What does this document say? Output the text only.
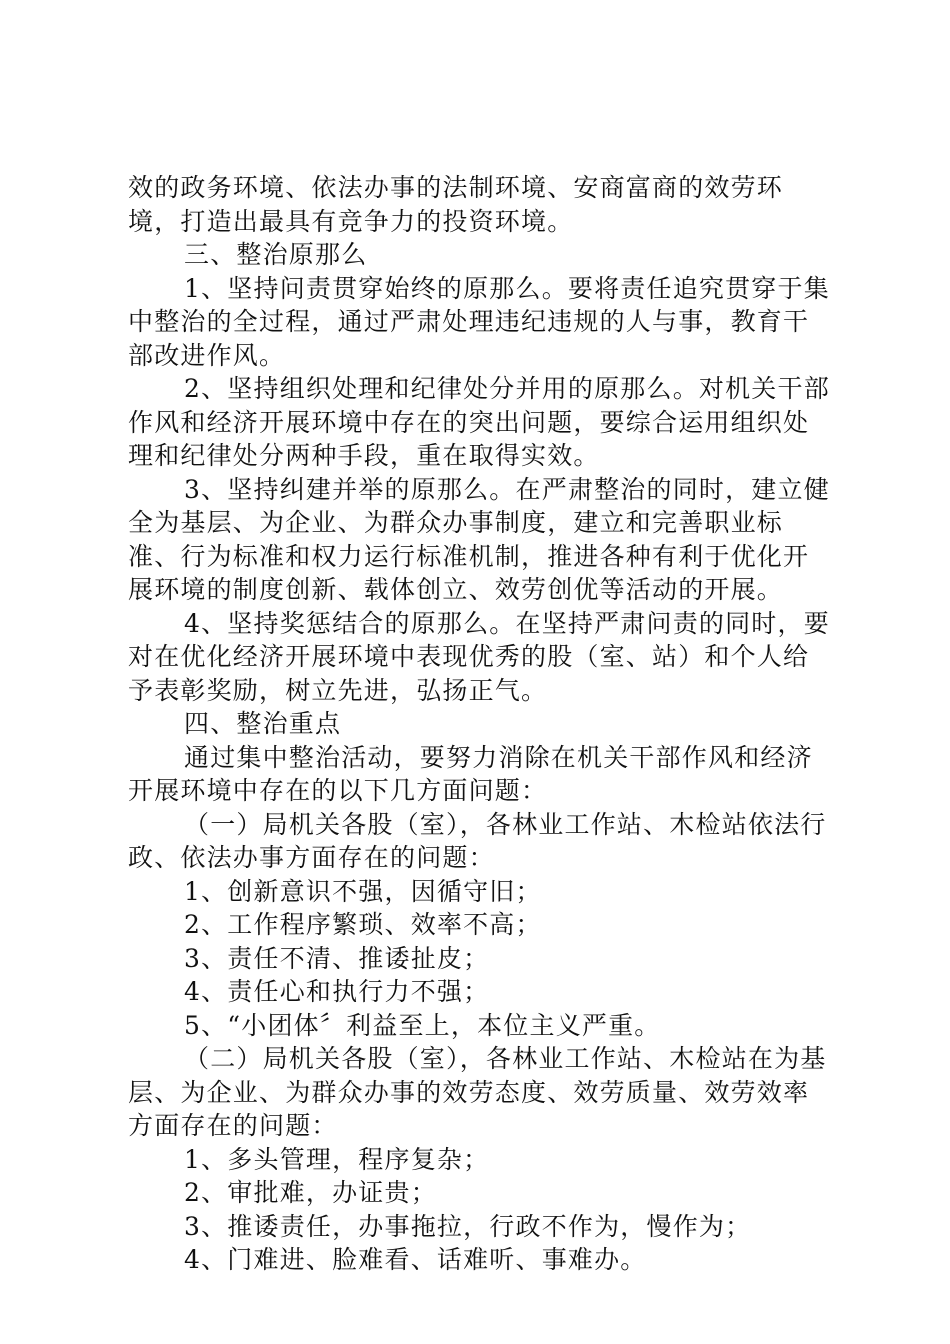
效的政务环境、依法办事的法制环境、安商富商的效劳环境，打造出最具有竞争力的投资环境。

三、整治原那么

1、坚持问责贯穿始终的原那么。要将责任追究贯穿于集中整治的全过程，通过严肃处理违纪违规的人与事，教育干部改进作风。

2、坚持组织处理和纪律处分并用的原那么。对机关干部作风和经济开展环境中存在的突出问题，要综合运用组织处理和纪律处分两种手段，重在取得实效。

3、坚持纠建并举的原那么。在严肃整治的同时，建立健全为基层、为企业、为群众办事制度，建立和完善职业标准、行为标准和权力运行标准机制，推进各种有利于优化开展环境的制度创新、载体创立、效劳创优等活动的开展。

4、坚持奖惩结合的原那么。在坚持严肃问责的同时，要对在优化经济开展环境中表现优秀的股（室、站）和个人给予表彰奖励，树立先进，弘扬正气。

四、整治重点

通过集中整治活动，要努力消除在机关干部作风和经济开展环境中存在的以下几方面问题：

（一）局机关各股（室），各林业工作站、木检站依法行政、依法办事方面存在的问题：

1、创新意识不强，因循守旧；

2、工作程序繁琐、效率不高；

3、责任不清、推诿扯皮；

4、责任心和执行力不强；

5、“小团体〞利益至上，本位主义严重。

（二）局机关各股（室），各林业工作站、木检站在为基层、为企业、为群众办事的效劳态度、效劳质量、效劳效率方面存在的问题：

1、多头管理，程序复杂；

2、审批难，办证贵；

3、推诿责任，办事拖拉，行政不作为，慢作为；

4、门难进、脸难看、话难听、事难办。
